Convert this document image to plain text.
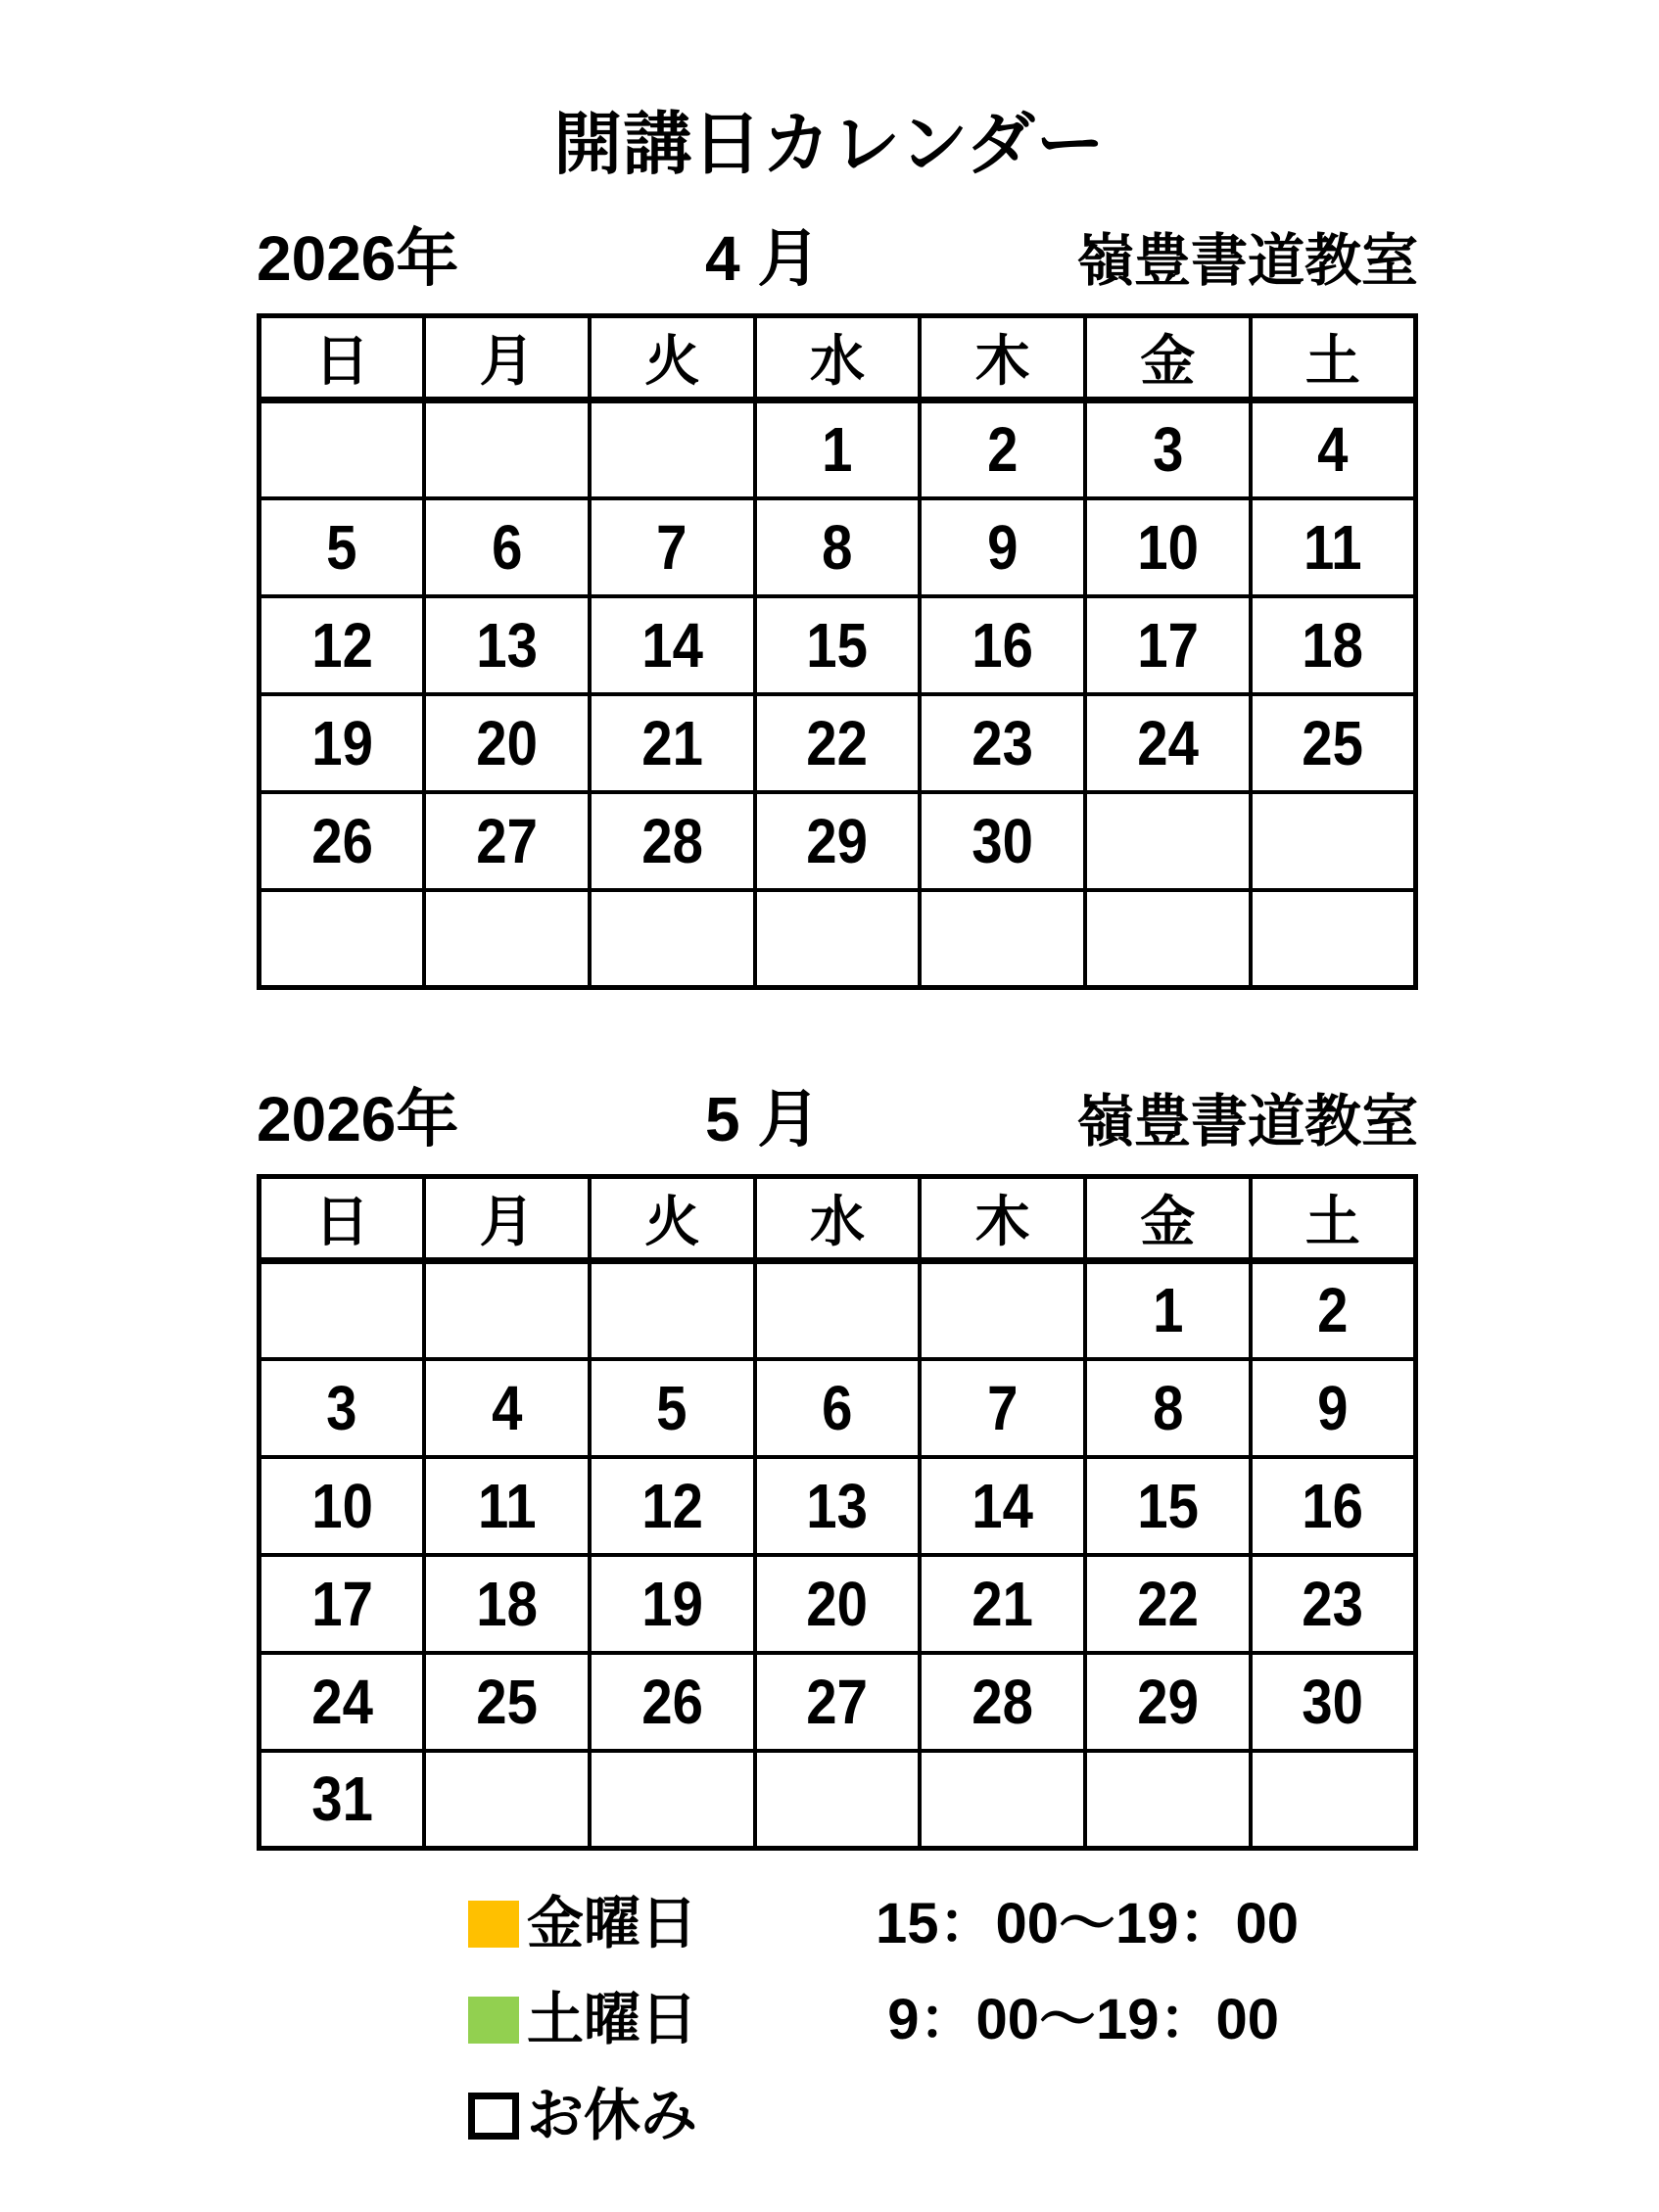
開講日カレンダー
2026年	4 月	嶺豊書道教室
日	月	火	水	木	金	土
			1	2	3	4
5	6	7	8	9	10	11
12	13	14	15	16	17	18
19	20	21	22	23	24	25
26	27	28	29	30		

2026年	5 月	嶺豊書道教室
日	月	火	水	木	金	土
					1	2
3	4	5	6	7	8	9
10	11	12	13	14	15	16
17	18	19	20	21	22	23
24	25	26	27	28	29	30
31						
金曜日	15：00～19：00
土曜日	9：00～19：00
お休み
